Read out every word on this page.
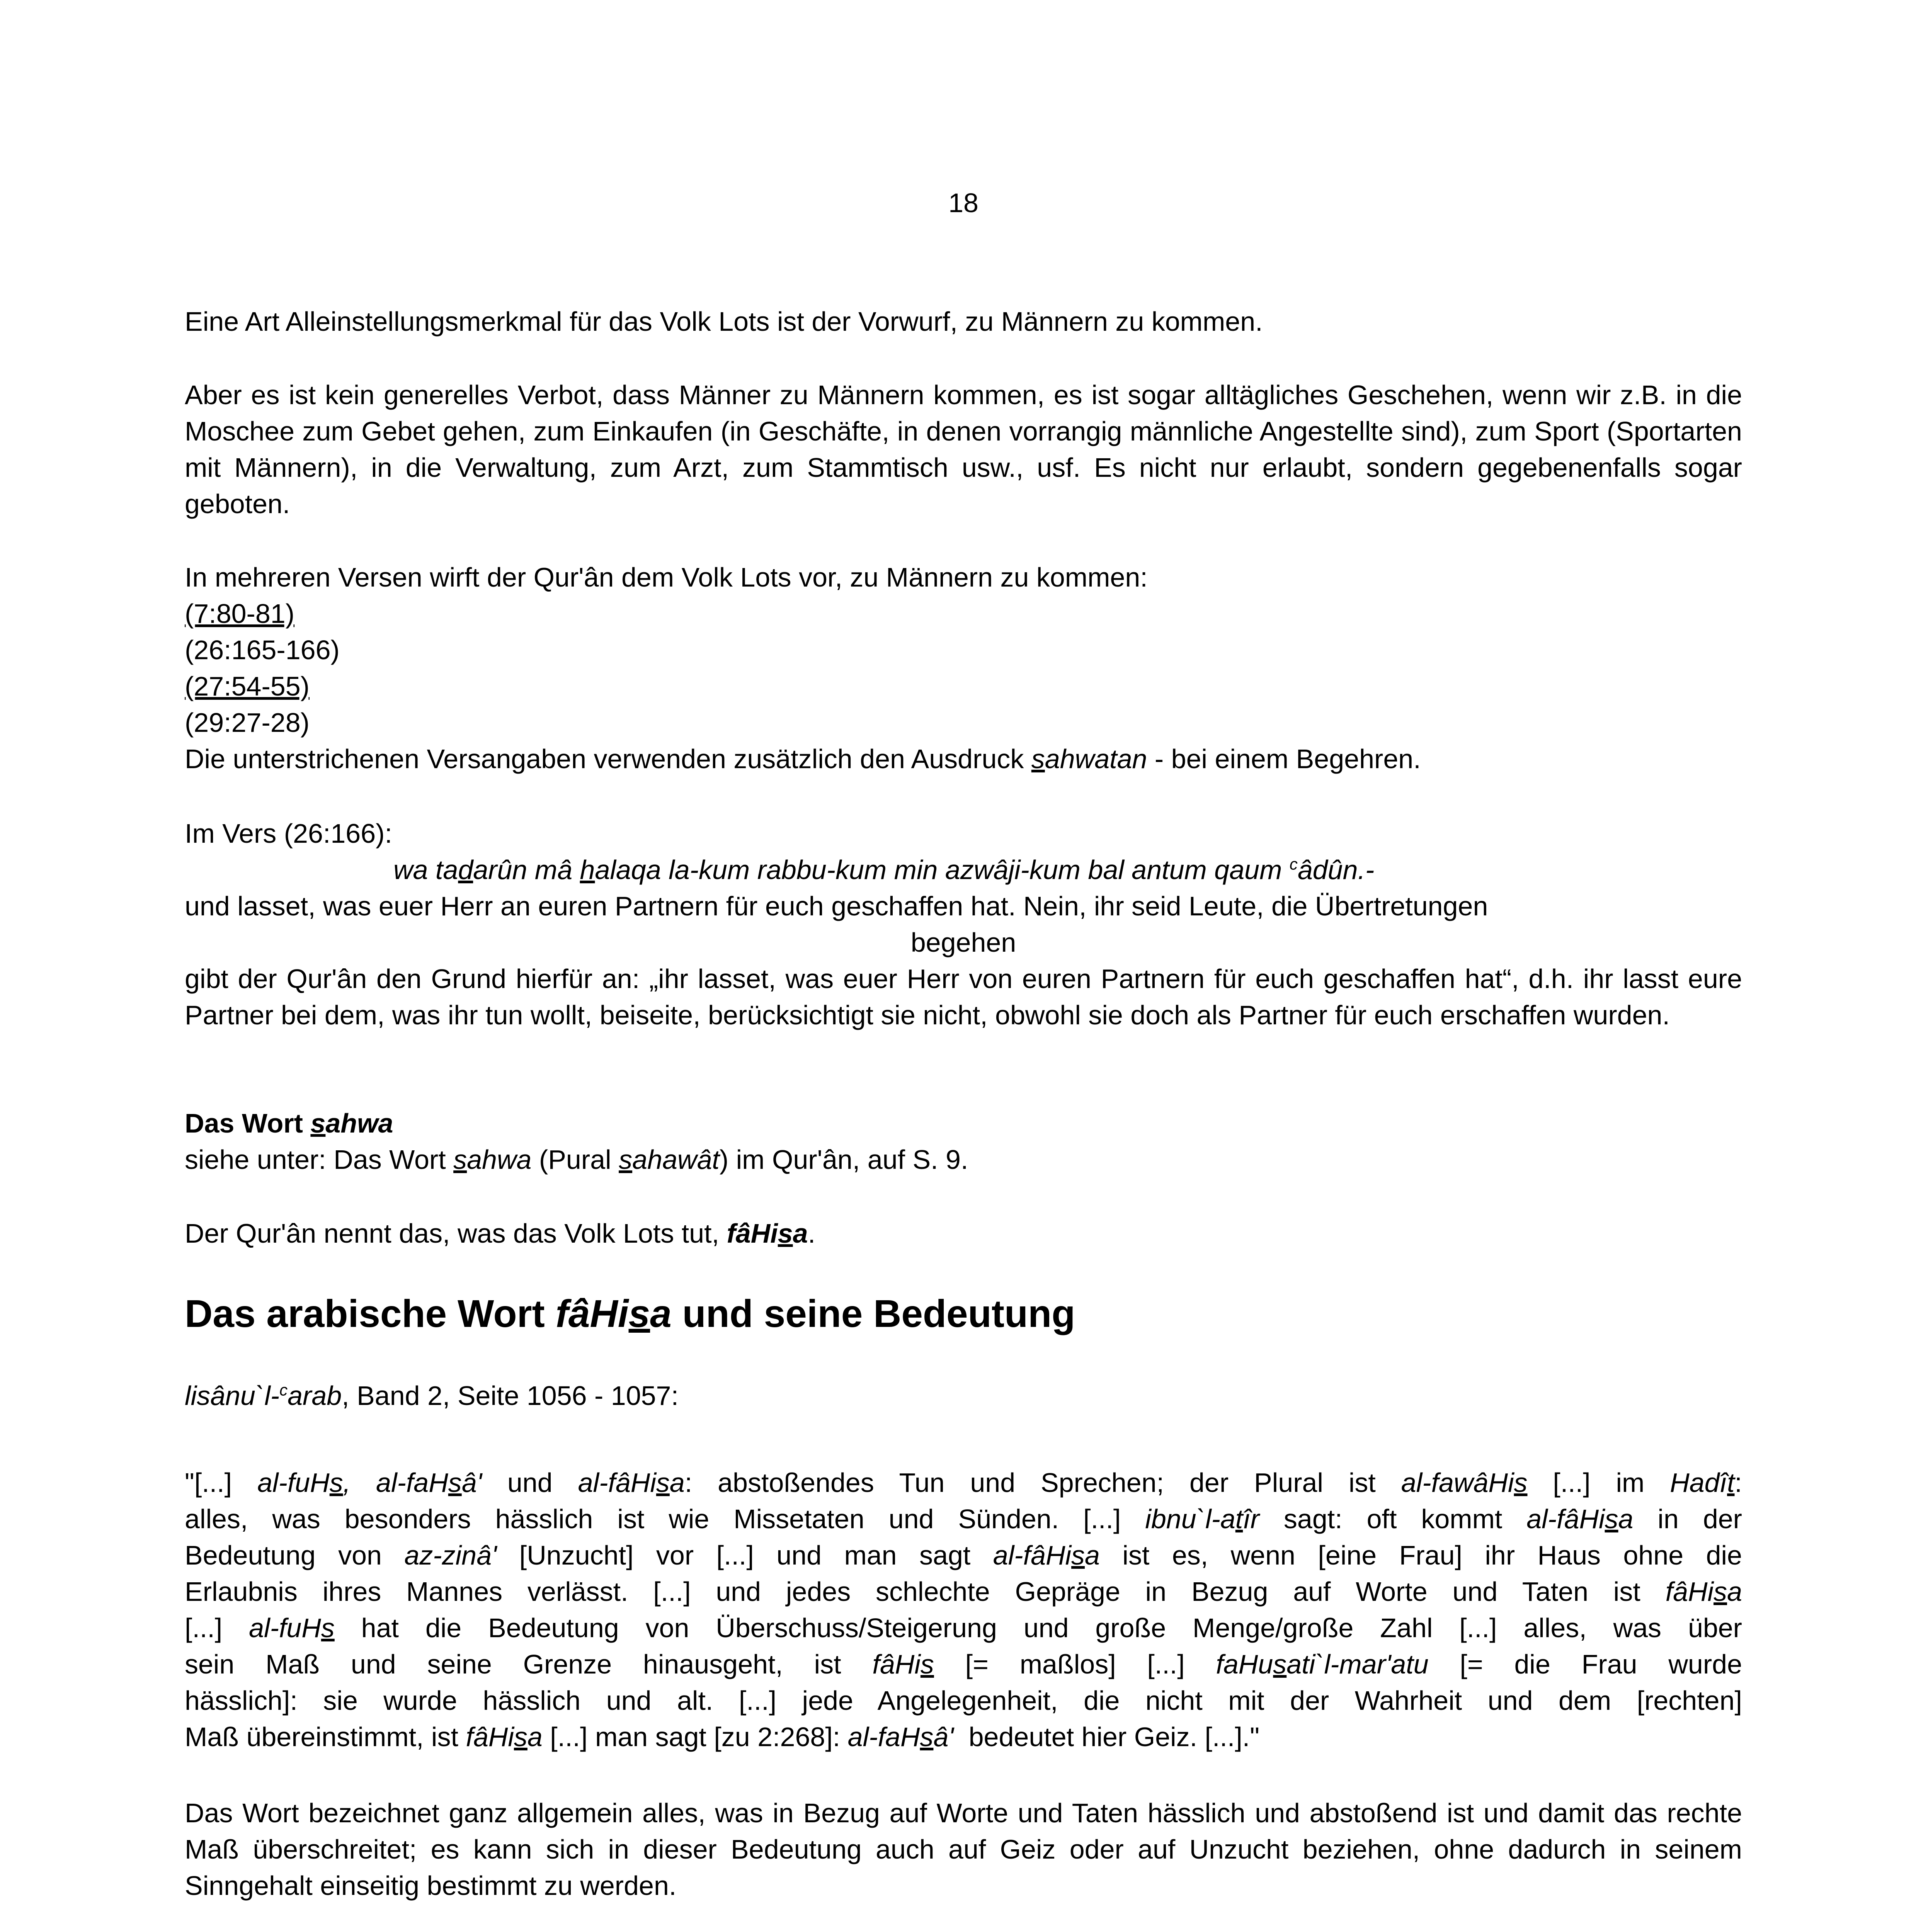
18

Eine Art Alleinstellungsmerkmal für das Volk Lots ist der Vorwurf, zu Männern zu kommen.

Aber es ist kein generelles Verbot, dass Männer zu Männern kommen, es ist sogar alltägliches Geschehen, wenn wir z.B. in die Moschee zum Gebet gehen, zum Einkaufen (in Geschäfte, in denen vorrangig männliche Angestellte sind), zum Sport (Sportarten mit Männern), in die Verwaltung, zum Arzt, zum Stammtisch usw., usf. Es nicht nur erlaubt, sondern gegebenenfalls sogar geboten.

In mehreren Versen wirft der Qur'ân dem Volk Lots vor, zu Männern zu kommen:

(7:80-81)

(26:165-166)

(27:54-55)

(29:27-28)

Die unterstrichenen Versangaben verwenden zusätzlich den Ausdruck sahwatan - bei einem Begehren.

Im Vers (26:166):

wa tadarûn mâ halaqa la-kum rabbu-kum min azwâji-kum bal antum qaum $^c$âdûn.-

und lasset, was euer Herr an euren Partnern für euch geschaffen hat. Nein, ihr seid Leute, die Übertretungen

begehen

gibt der Qur'ân den Grund hierfür an: „ihr lasset, was euer Herr von euren Partnern für euch geschaffen hat“, d.h. ihr lasst eure Partner bei dem, was ihr tun wollt, beiseite, berücksichtigt sie nicht, obwohl sie doch als Partner für euch erschaffen wurden.

Das Wort sahwa

siehe unter: Das Wort sahwa (Pural sahawât) im Qur'ân, auf S. 9.

Der Qur'ân nennt das, was das Volk Lots tut, fâHisa.

Das arabische Wort fâHisa und seine Bedeutung

lisânu`l-$^c$arab, Band 2, Seite 1056 - 1057:

"[...] al-fuHs, al-faHsâ' und al-fâHisa: abstoßendes Tun und Sprechen; der Plural ist al-fawâHis [...] im Hadît:

alles, was besonders hässlich ist wie Missetaten und Sünden. [...] ibnu`l-atîr sagt: oft kommt al-fâHisa in der

Bedeutung von az-zinâ' [Unzucht] vor [...] und man sagt al-fâHisa ist es, wenn [eine Frau] ihr Haus ohne die

Erlaubnis ihres Mannes verlässt. [...] und jedes schlechte Gepräge in Bezug auf Worte und Taten ist fâHisa

[...] al-fuHs hat die Bedeutung von Überschuss/Steigerung und große Menge/große Zahl [...] alles, was über

sein Maß und seine Grenze hinausgeht, ist fâHis [= maßlos] [...] faHusati`l-mar'atu [= die Frau wurde

hässlich]: sie wurde hässlich und alt. [...] jede Angelegenheit, die nicht mit der Wahrheit und dem [rechten]

Maß übereinstimmt, ist fâHisa [...] man sagt [zu 2:268]: al-faHsâ'  bedeutet hier Geiz. [...]."

Das Wort bezeichnet ganz allgemein alles, was in Bezug auf Worte und Taten hässlich und abstoßend ist und damit das rechte Maß überschreitet; es kann sich in dieser Bedeutung auch auf Geiz oder auf Unzucht beziehen, ohne dadurch in seinem Sinngehalt einseitig bestimmt zu werden.
